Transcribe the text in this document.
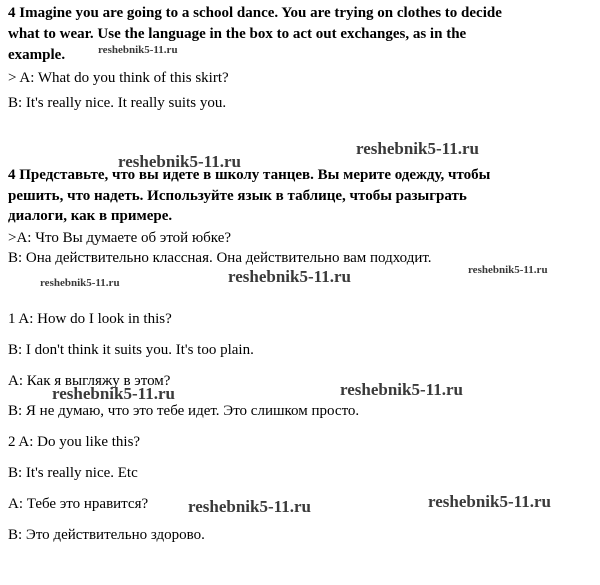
4 Imagine you are going to a school dance. You are trying on clothes to decide
what to wear. Use the language in the box to act out exchanges, as in the
example.
> A: What do you think of this skirt?
B: It's really nice. It really suits you.
4 Представьте, что вы идете в школу танцев. Вы мерите одежду, чтобы
решить, что надеть. Используйте язык в таблице, чтобы разыграть
диалоги, как в примере.
>А: Что Вы думаете об этой юбке?
В: Она действительно классная. Она действительно вам подходит.
1 A: How do I look in this?
B: I don't think it suits you. It's too plain.
А: Как я выгляжу в этом?
В: Я не думаю, что это тебе идет. Это слишком просто.
2 A: Do you like this?
B: It's really nice. Etc
А: Тебе это нравится?
В: Это действительно здорово.
reshebnik5-11.ru
reshebnik5-11.ru
reshebnik5-11.ru
reshebnik5-11.ru	reshebnik5-11.ru	reshebnik5-11.ru
reshebnik5-11.ru
reshebnik5-11.ru
reshebnik5-11.ru
reshebnik5-11.ru
